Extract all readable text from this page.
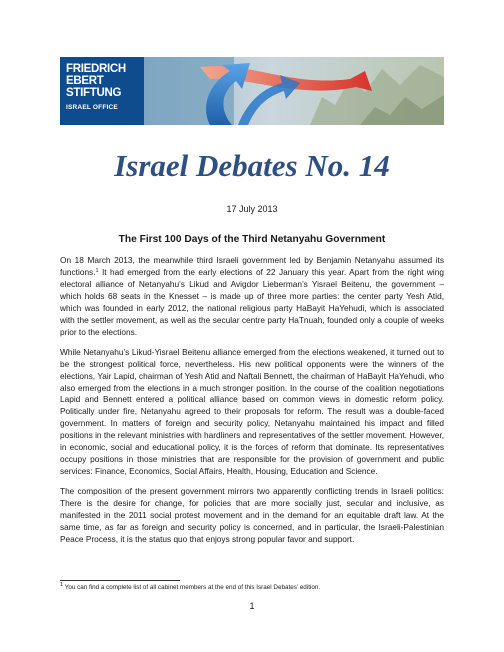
FRIEDRICH
EBERT
STIFTUNG
ISRAEL OFFICE
Israel Debates No. 14
17 July 2013
The First 100 Days of the Third Netanyahu Government

On 18 March 2013, the meanwhile third Israeli government led by Benjamin Netanyahu assumed its functions.$^1$ It had emerged from the early elections of 22 January this year. Apart from the right wing electoral alliance of Netanyahu’s Likud and Avigdor Lieberman’s Yisrael Beitenu, the government – which holds 68 seats in the Knesset – is made up of three more parties: the center party Yesh Atid, which was founded in early 2012, the national religious party HaBayit HaYehudi, which is associated with the settler movement, as well as the secular centre party HaTnuah, founded only a couple of weeks prior to the elections.

While Netanyahu’s Likud-Yisrael Beitenu alliance emerged from the elections weakened, it turned out to be the strongest political force, nevertheless. His new political opponents were the winners of the elections, Yair Lapid, chairman of Yesh Atid and Naftali Bennett, the chairman of HaBayit HaYehudi, who also emerged from the elections in a much stronger position. In the course of the coalition negotiations Lapid and Bennett entered a political alliance based on common views in domestic reform policy. Politically under fire, Netanyahu agreed to their proposals for reform. The result was a double-faced government. In matters of foreign and security policy, Netanyahu maintained his impact and filled positions in the relevant ministries with hardliners and representatives of the settler movement. However, in economic, social and educational policy, it is the forces of reform that dominate. Its representatives occupy positions in those ministries that are responsible for the provision of government and public services: Finance, Economics, Social Affairs, Health, Housing, Education and Science.

The composition of the present government mirrors two apparently conflicting trends in Israeli politics: There is the desire for change, for policies that are more socially just, secular and inclusive, as manifested in the 2011 social protest movement and in the demand for an equitable draft law. At the same time, as far as foreign and security policy is concerned, and in particular, the Israeli-Palestinian Peace Process, it is the status quo that enjoys strong popular favor and support.

$^1$ You can find a complete list of all cabinet members at the end of this Israel Debates’ edition.
1
